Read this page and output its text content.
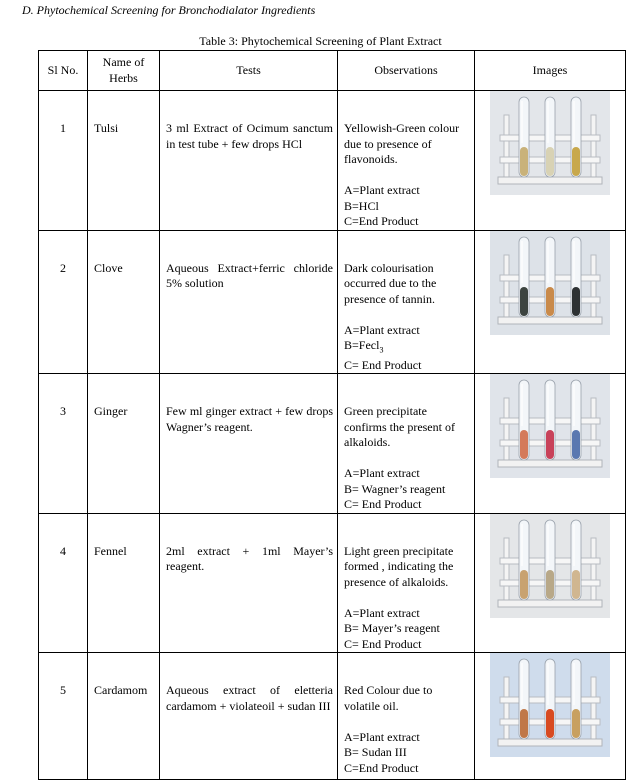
D. Phytochemical Screening for Bronchodialator Ingredients
Table 3: Phytochemical Screening of Plant Extract
Sl No.	Name of Herbs	Tests	Observations	Images
1	Tulsi	3 ml Extract of Ocimum sanctum in test tube + few drops HCl	Yellowish-Green colour due to presence of flavonoids.
A=Plant extract
B=HCl
C=End Product

2	Clove	Aqueous Extract+ferric chloride 5% solution	Dark colourisation occurred due to the presence of tannin.
A=Plant extract
B=Fecl$_3$
C= End Product

3	Ginger	Few ml ginger extract + few drops Wagner’s reagent.	Green precipitate confirms the present of alkaloids.
A=Plant extract
B= Wagner’s reagent
C= End Product

4	Fennel	2ml extract + 1ml Mayer’s reagent.	Light green precipitate formed , indicating the presence of alkaloids.
A=Plant extract
B= Mayer’s reagent
C= End Product

5	Cardamom	Aqueous extract of eletteria cardamom + violateoil + sudan III	Red Colour due to volatile oil.
A=Plant extract
B= Sudan III
C=End Product
